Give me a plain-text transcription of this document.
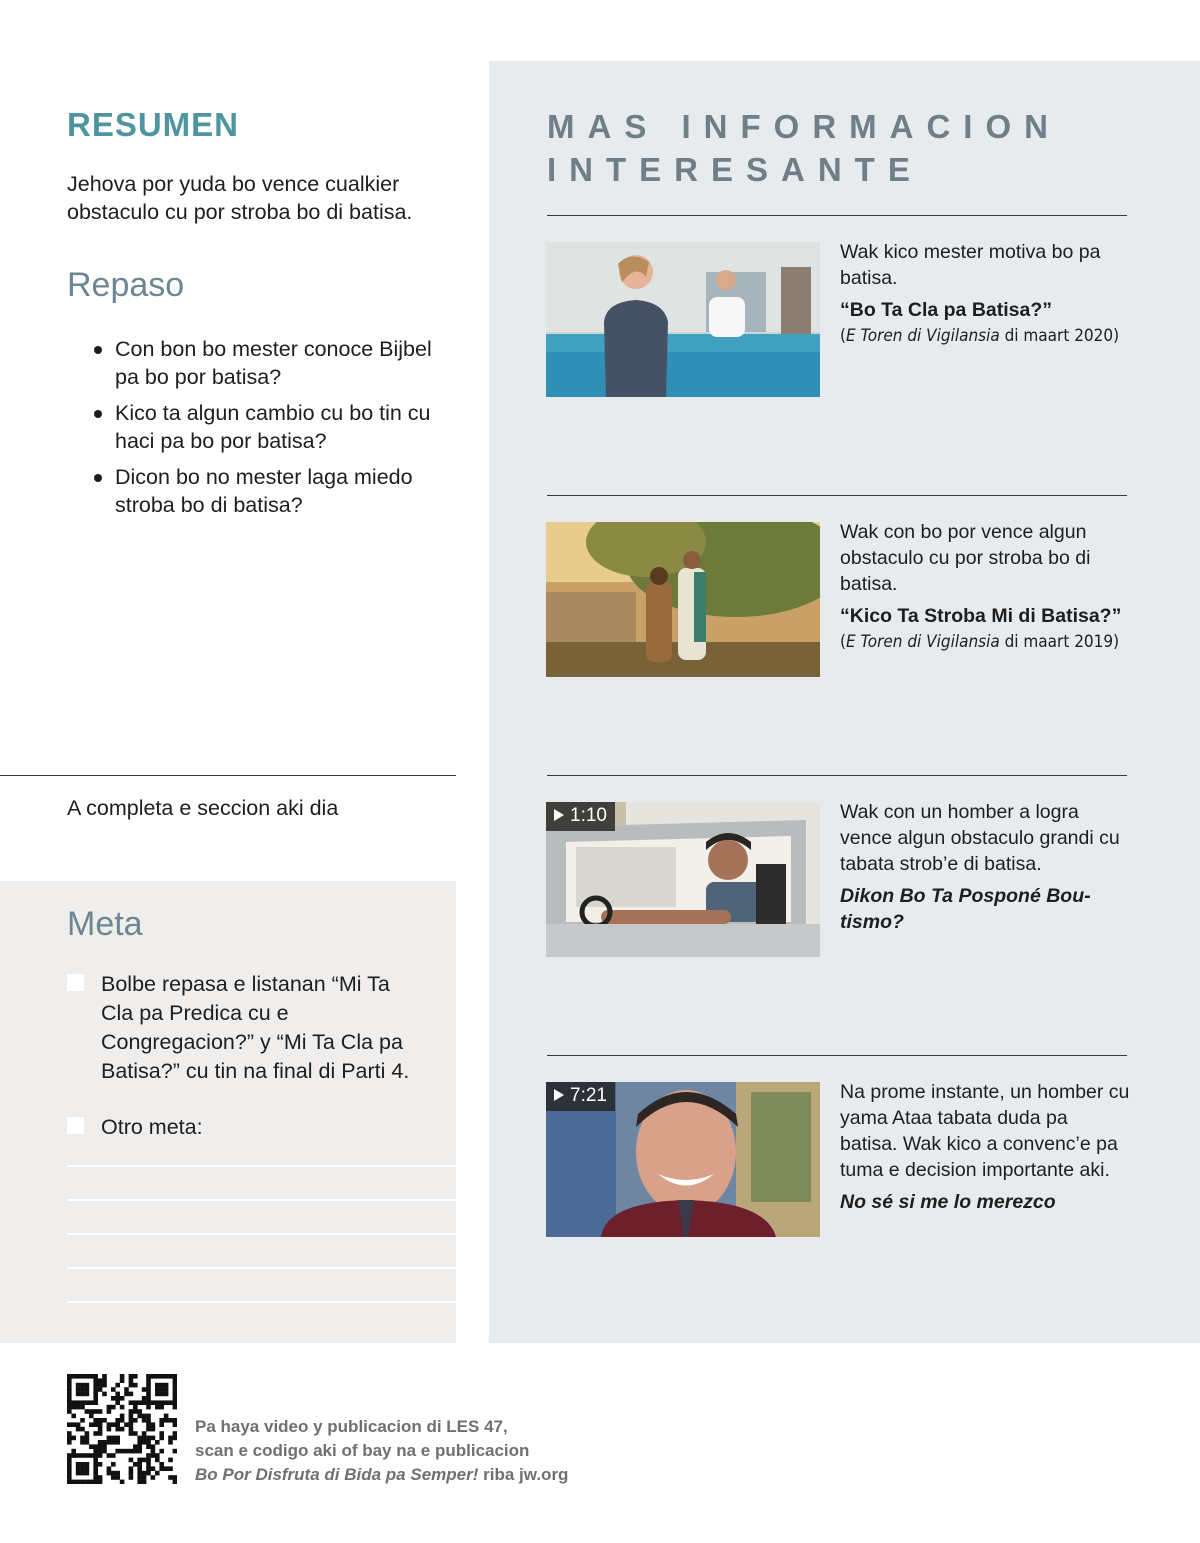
RESUMEN
Jehova por yuda bo vence cualkier obstaculo cu por stroba bo di batisa.
Repaso
Con bon bo mester conoce Bijbel pa bo por batisa?
Kico ta algun cambio cu bo tin cu haci pa bo por batisa?
Dicon bo no mester laga miedo stroba bo di batisa?
A completa e seccion aki dia
Meta
Bolbe repasa e listanan “Mi Ta Cla pa Predica cu e Congregacion?” y “Mi Ta Cla pa Batisa?” cu tin na final di Parti 4.
Otro meta:
MAS INFORMACION
INTERESANTE
Wak kico mester motiva bo pa batisa.
“Bo Ta Cla pa Batisa?”
(E Toren di Vigilansia di maart 2020)
Wak con bo por vence algun obstaculo cu por stroba bo di batisa.
“Kico Ta Stroba Mi di Batisa?”
(E Toren di Vigilansia di maart 2019)
1:10	Wak con un homber a logra vence algun obstaculo grandi cu tabata strob’e di batisa.
Dikon Bo Ta Posponé Bou-tismo?
7:21	Na prome instante, un homber cu yama Ataa tabata duda pa batisa. Wak kico a convenc’e pa tuma e decision importante aki.
No sé si me lo merezco
Pa haya video y publicacion di LES 47,
scan e codigo aki of bay na e publicacion
Bo Por Disfruta di Bida pa Semper! riba jw.org
